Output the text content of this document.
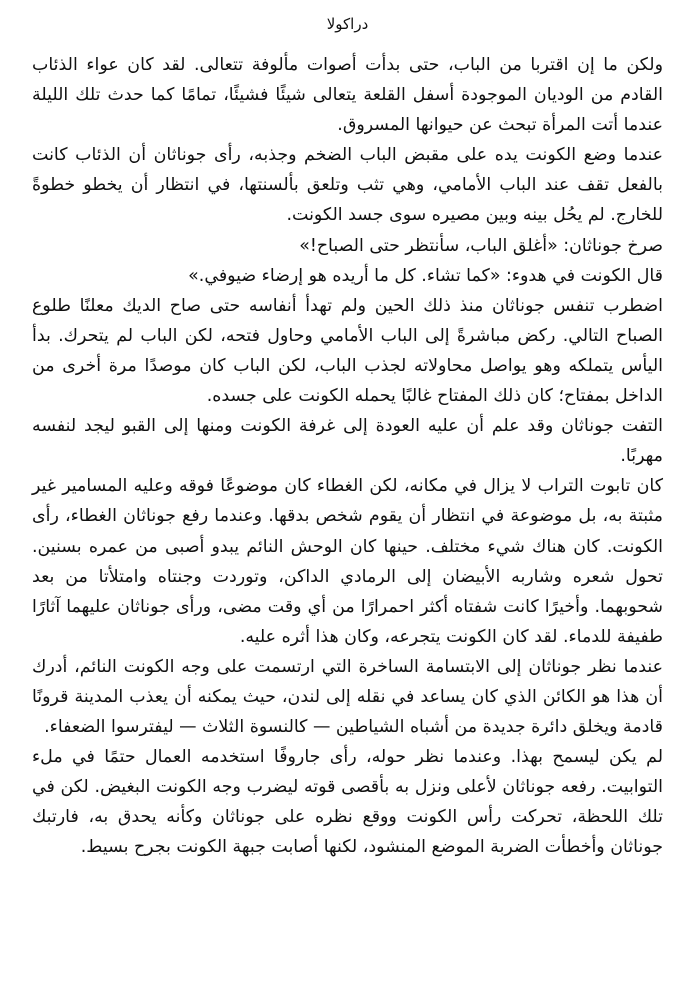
دراكولا

ولكن ما إن اقتربا من الباب، حتى بدأت أصوات مألوفة تتعالى. لقد كان عواء الذئاب القادم من الوديان الموجودة أسفل القلعة يتعالى شيئًا فشيئًا، تمامًا كما حدث تلك الليلة عندما أتت المرأة تبحث عن حيوانها المسروق.

عندما وضع الكونت يده على مقبض الباب الضخم وجذبه، رأى جوناثان أن الذئاب كانت بالفعل تقف عند الباب الأمامي، وهي تثب وتلعق بألسنتها، في انتظار أن يخطو خطوةً للخارج. لم يحُل بينه وبين مصيره سوى جسد الكونت.

صرخ جوناثان: «أغلق الباب، سأنتظر حتى الصباح!»

قال الكونت في هدوء: «كما تشاء. كل ما أريده هو إرضاء ضيوفي.»

اضطرب تنفس جوناثان منذ ذلك الحين ولم تهدأ أنفاسه حتى صاح الديك معلنًا طلوع الصباح التالي. ركض مباشرةً إلى الباب الأمامي وحاول فتحه، لكن الباب لم يتحرك. بدأ اليأس يتملكه وهو يواصل محاولاته لجذب الباب، لكن الباب كان موصدًا مرة أخرى من الداخل بمفتاح؛ كان ذلك المفتاح غالبًا يحمله الكونت على جسده.

التفت جوناثان وقد علم أن عليه العودة إلى غرفة الكونت ومنها إلى القبو ليجد لنفسه مهربًا.

كان تابوت التراب لا يزال في مكانه، لكن الغطاء كان موضوعًا فوقه وعليه المسامير غير مثبتة به، بل موضوعة في انتظار أن يقوم شخص بدقها. وعندما رفع جوناثان الغطاء، رأى الكونت. كان هناك شيء مختلف. حينها كان الوحش النائم يبدو أصبى من عمره بسنين. تحول شعره وشاربه الأبيضان إلى الرمادي الداكن، وتوردت وجنتاه وامتلأتا من بعد شحوبهما. وأخيرًا كانت شفتاه أكثر احمرارًا من أي وقت مضى، ورأى جوناثان عليهما آثارًا طفيفة للدماء. لقد كان الكونت يتجرعه، وكان هذا أثره عليه.

عندما نظر جوناثان إلى الابتسامة الساخرة التي ارتسمت على وجه الكونت النائم، أدرك أن هذا هو الكائن الذي كان يساعد في نقله إلى لندن، حيث يمكنه أن يعذب المدينة قرونًا قادمة ويخلق دائرة جديدة من أشباه الشياطين — كالنسوة الثلاث — ليفترسوا الضعفاء.

لم يكن ليسمح بهذا. وعندما نظر حوله، رأى جاروفًا استخدمه العمال حتمًا في ملء التوابيت. رفعه جوناثان لأعلى ونزل به بأقصى قوته ليضرب وجه الكونت البغيض. لكن في تلك اللحظة، تحركت رأس الكونت ووقع نظره على جوناثان وكأنه يحدق به، فارتبك جوناثان وأخطأت الضربة الموضع المنشود، لكنها أصابت جبهة الكونت بجرح بسيط.
